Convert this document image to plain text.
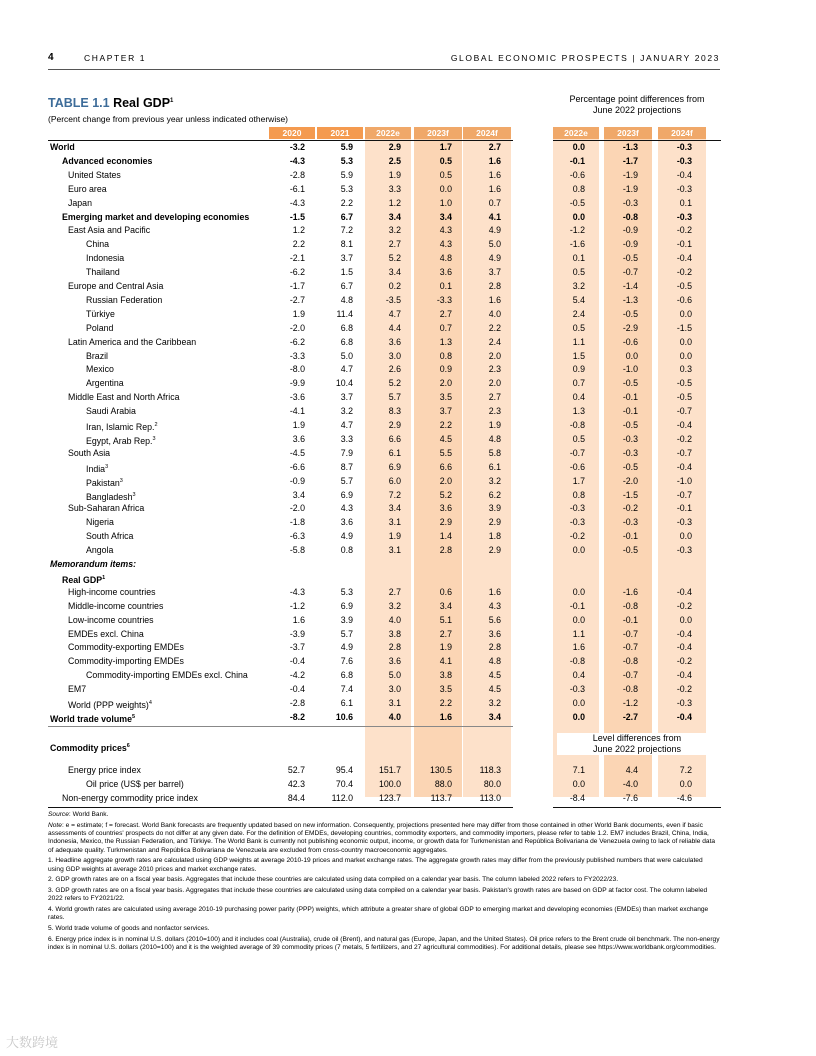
4	CHAPTER 1	GLOBAL ECONOMIC PROSPECTS | JANUARY 2023
TABLE 1.1 Real GDP$^1$
(Percent change from previous year unless indicated otherwise)
Percentage point differences from
June 2022 projections
2020	2021	2022e	2023f	2024f	2022e	2023f	2024f
World	-3.2	5.9	2.9	1.7	2.7	0.0	-1.3	-0.3
Advanced economies	-4.3	5.3	2.5	0.5	1.6	-0.1	-1.7	-0.3
United States	-2.8	5.9	1.9	0.5	1.6	-0.6	-1.9	-0.4
Euro area	-6.1	5.3	3.3	0.0	1.6	0.8	-1.9	-0.3
Japan	-4.3	2.2	1.2	1.0	0.7	-0.5	-0.3	0.1
Emerging market and developing economies	-1.5	6.7	3.4	3.4	4.1	0.0	-0.8	-0.3
East Asia and Pacific	1.2	7.2	3.2	4.3	4.9	-1.2	-0.9	-0.2
China	2.2	8.1	2.7	4.3	5.0	-1.6	-0.9	-0.1
Indonesia	-2.1	3.7	5.2	4.8	4.9	0.1	-0.5	-0.4
Thailand	-6.2	1.5	3.4	3.6	3.7	0.5	-0.7	-0.2
Europe and Central Asia	-1.7	6.7	0.2	0.1	2.8	3.2	-1.4	-0.5
Russian Federation	-2.7	4.8	-3.5	-3.3	1.6	5.4	-1.3	-0.6
Türkiye	1.9	11.4	4.7	2.7	4.0	2.4	-0.5	0.0
Poland	-2.0	6.8	4.4	0.7	2.2	0.5	-2.9	-1.5
Latin America and the Caribbean	-6.2	6.8	3.6	1.3	2.4	1.1	-0.6	0.0
Brazil	-3.3	5.0	3.0	0.8	2.0	1.5	0.0	0.0
Mexico	-8.0	4.7	2.6	0.9	2.3	0.9	-1.0	0.3
Argentina	-9.9	10.4	5.2	2.0	2.0	0.7	-0.5	-0.5
Middle East and North Africa	-3.6	3.7	5.7	3.5	2.7	0.4	-0.1	-0.5
Saudi Arabia	-4.1	3.2	8.3	3.7	2.3	1.3	-0.1	-0.7
Iran, Islamic Rep.$^2$	1.9	4.7	2.9	2.2	1.9	-0.8	-0.5	-0.4
Egypt, Arab Rep.$^3$	3.6	3.3	6.6	4.5	4.8	0.5	-0.3	-0.2
South Asia	-4.5	7.9	6.1	5.5	5.8	-0.7	-0.3	-0.7
India$^3$	-6.6	8.7	6.9	6.6	6.1	-0.6	-0.5	-0.4
Pakistan$^3$	-0.9	5.7	6.0	2.0	3.2	1.7	-2.0	-1.0
Bangladesh$^3$	3.4	6.9	7.2	5.2	6.2	0.8	-1.5	-0.7
Sub-Saharan Africa	-2.0	4.3	3.4	3.6	3.9	-0.3	-0.2	-0.1
Nigeria	-1.8	3.6	3.1	2.9	2.9	-0.3	-0.3	-0.3
South Africa	-6.3	4.9	1.9	1.4	1.8	-0.2	-0.1	0.0
Angola	-5.8	0.8	3.1	2.8	2.9	0.0	-0.5	-0.3
Memorandum items:
Real GDP$^1$
High-income countries	-4.3	5.3	2.7	0.6	1.6	0.0	-1.6	-0.4
Middle-income countries	-1.2	6.9	3.2	3.4	4.3	-0.1	-0.8	-0.2
Low-income countries	1.6	3.9	4.0	5.1	5.6	0.0	-0.1	0.0
EMDEs excl. China	-3.9	5.7	3.8	2.7	3.6	1.1	-0.7	-0.4
Commodity-exporting EMDEs	-3.7	4.9	2.8	1.9	2.8	1.6	-0.7	-0.4
Commodity-importing EMDEs	-0.4	7.6	3.6	4.1	4.8	-0.8	-0.8	-0.2
Commodity-importing EMDEs excl. China	-4.2	6.8	5.0	3.8	4.5	0.4	-0.7	-0.4
EM7	-0.4	7.4	3.0	3.5	4.5	-0.3	-0.8	-0.2
World (PPP weights)$^4$	-2.8	6.1	3.1	2.2	3.2	0.0	-1.2	-0.3
World trade volume$^5$	-8.2	10.6	4.0	1.6	3.4	0.0	-2.7	-0.4
Commodity prices$^6$
Level differences from
June 2022 projections
Energy price index	52.7	95.4	151.7	130.5	118.3	7.1	4.4	7.2
Oil price (US$ per barrel)	42.3	70.4	100.0	88.0	80.0	0.0	-4.0	0.0
Non-energy commodity price index	84.4	112.0	123.7	113.7	113.0	-8.4	-7.6	-4.6

Source: World Bank.

Note: e = estimate; f = forecast. World Bank forecasts are frequently updated based on new information. Consequently, projections presented here may differ from those contained in other World Bank documents, even if basic assessments of countries' prospects do not differ at any given date. For the definition of EMDEs, developing countries, commodity exporters, and commodity importers, please refer to table 1.2. EM7 includes Brazil, China, India, Indonesia, Mexico, the Russian Federation, and Türkiye. The World Bank is currently not publishing economic output, income, or growth data for Turkmenistan and República Bolivariana de Venezuela owing to lack of reliable data of adequate quality. Turkmenistan and República Bolivariana de Venezuela are excluded from cross-country macroeconomic aggregates.

1. Headline aggregate growth rates are calculated using GDP weights at average 2010-19 prices and market exchange rates. The aggregate growth rates may differ from the previously published numbers that were calculated using GDP weights at average 2010 prices and market exchange rates.

2. GDP growth rates are on a fiscal year basis. Aggregates that include these countries are calculated using data compiled on a calendar year basis. The column labeled 2022 refers to FY2022/23.

3. GDP growth rates are on a fiscal year basis. Aggregates that include these countries are calculated using data compiled on a calendar year basis. Pakistan's growth rates are based on GDP at factor cost. The column labeled 2022 refers to FY2021/22.

4. World growth rates are calculated using average 2010-19 purchasing power parity (PPP) weights, which attribute a greater share of global GDP to emerging market and developing economies (EMDEs) than market exchange rates.

5. World trade volume of goods and nonfactor services.

6. Energy price index is in nominal U.S. dollars (2010=100) and it includes coal (Australia), crude oil (Brent), and natural gas (Europe, Japan, and the United States). Oil price refers to the Brent crude oil benchmark. The non-energy index is in nominal U.S. dollars (2010=100) and it is the weighted average of 39 commodity prices (7 metals, 5 fertilizers, and 27 agricultural commodities). For additional details, please see https://www.worldbank.org/commodities.

大数跨境
